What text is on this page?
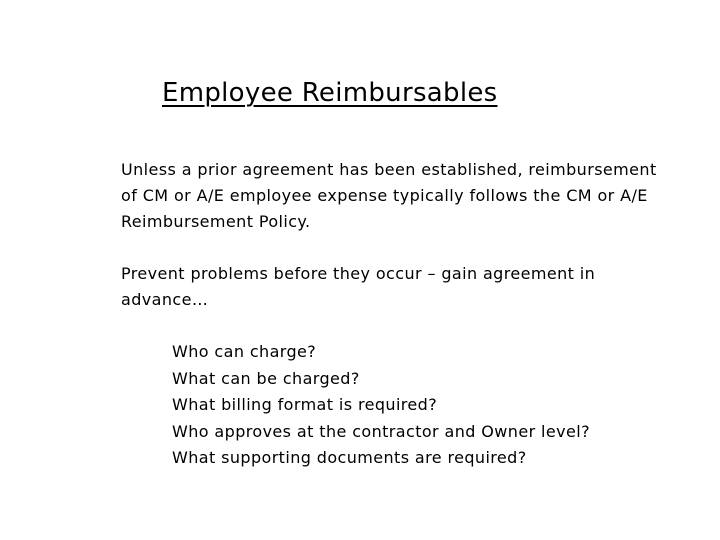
Employee Reimbursables
Unless a prior agreement has been established, reimbursement of CM or A/E employee expense typically follows the CM or A/E Reimbursement Policy.
Prevent problems before they occur – gain agreement in advance…
Who can charge?
What can be charged?
What billing format is required?
Who approves at the contractor and Owner level?
What supporting documents are required?
